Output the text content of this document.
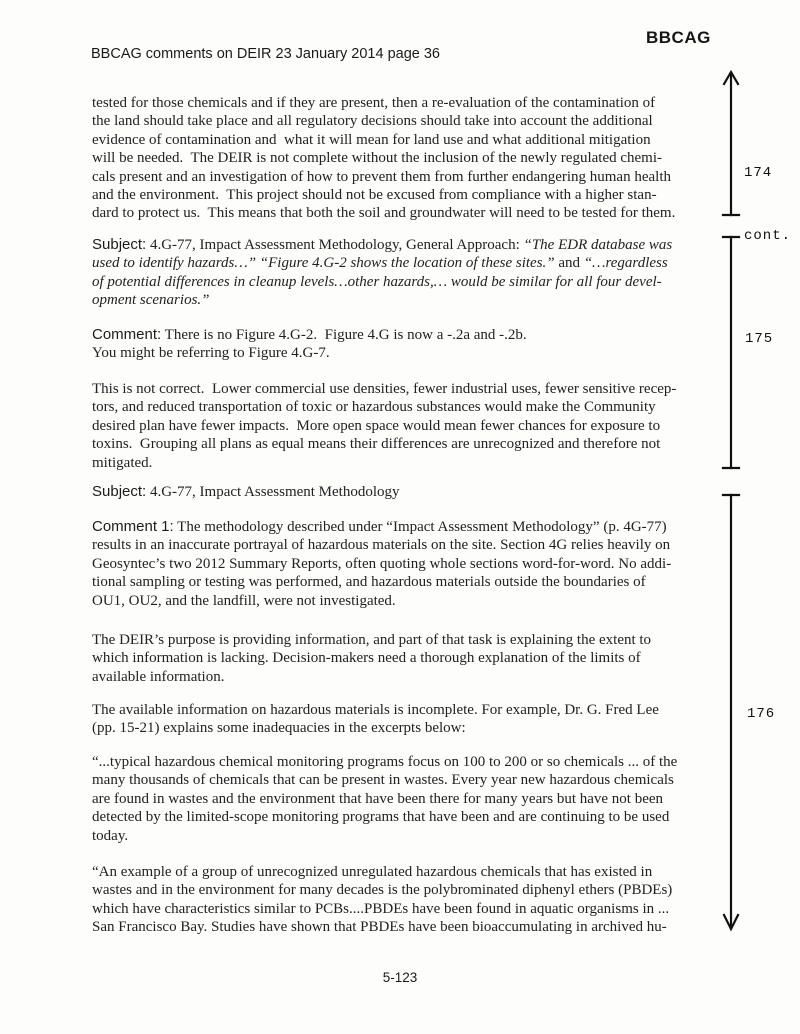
BBCAG
BBCAG comments on DEIR 23 January 2014 page 36
tested for those chemicals and if they are present, then a re-evaluation of the contamination of
the land should take place and all regulatory decisions should take into account the additional
evidence of contamination and  what it will mean for land use and what additional mitigation
will be needed.  The DEIR is not complete without the inclusion of the newly regulated chemi-
cals present and an investigation of how to prevent them from further endangering human health
and the environment.  This project should not be excused from compliance with a higher stan-
dard to protect us.  This means that both the soil and groundwater will need to be tested for them.
Subject: 4.G-77, Impact Assessment Methodology, General Approach: “The EDR database was
used to identify hazards…” “Figure 4.G-2 shows the location of these sites.” and “…regardless
of potential differences in cleanup levels…other hazards,… would be similar for all four devel-
opment scenarios.”
Comment: There is no Figure 4.G-2.  Figure 4.G is now a -.2a and -.2b.
You might be referring to Figure 4.G-7.
This is not correct.  Lower commercial use densities, fewer industrial uses, fewer sensitive recep-
tors, and reduced transportation of toxic or hazardous substances would make the Community
desired plan have fewer impacts.  More open space would mean fewer chances for exposure to
toxins.  Grouping all plans as equal means their differences are unrecognized and therefore not
mitigated.
Subject: 4.G-77, Impact Assessment Methodology
Comment 1: The methodology described under “Impact Assessment Methodology” (p. 4G-77)
results in an inaccurate portrayal of hazardous materials on the site. Section 4G relies heavily on
Geosyntec’s two 2012 Summary Reports, often quoting whole sections word-for-word. No addi-
tional sampling or testing was performed, and hazardous materials outside the boundaries of
OU1, OU2, and the landfill, were not investigated.
The DEIR’s purpose is providing information, and part of that task is explaining the extent to
which information is lacking. Decision-makers need a thorough explanation of the limits of
available information.
The available information on hazardous materials is incomplete. For example, Dr. G. Fred Lee
(pp. 15-21) explains some inadequacies in the excerpts below:
“...typical hazardous chemical monitoring programs focus on 100 to 200 or so chemicals ... of the
many thousands of chemicals that can be present in wastes. Every year new hazardous chemicals
are found in wastes and the environment that have been there for many years but have not been
detected by the limited-scope monitoring programs that have been and are continuing to be used
today.
“An example of a group of unrecognized unregulated hazardous chemicals that has existed in
wastes and in the environment for many decades is the polybrominated diphenyl ethers (PBDEs)
which have characteristics similar to PCBs....PBDEs have been found in aquatic organisms in ...
San Francisco Bay. Studies have shown that PBDEs have been bioaccumulating in archived hu-

174

cont.

175
176
5-123
